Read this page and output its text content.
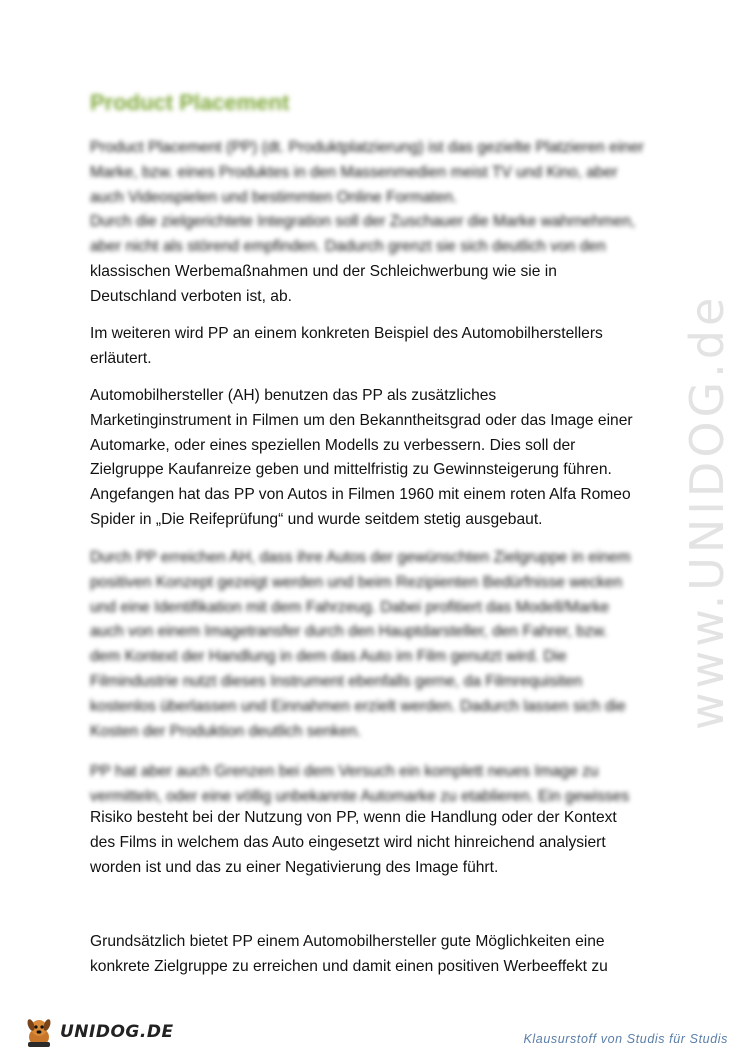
Product Placement

Product Placement (PP) (dt. Produktplatzierung) ist das gezielte Platzieren einer
Marke, bzw. eines Produktes in den Massenmedien meist TV und Kino, aber
auch Videospielen und bestimmten Online Formaten.
Durch die zielgerichtete Integration soll der Zuschauer die Marke wahrnehmen,
aber nicht als störend empfinden. Dadurch grenzt sie sich deutlich von den

klassischen Werbemaßnahmen und der Schleichwerbung wie sie in
Deutschland verboten ist, ab.

Im weiteren wird PP an einem konkreten Beispiel des Automobilherstellers
erläutert.

Automobilhersteller (AH) benutzen das PP als zusätzliches
Marketinginstrument in Filmen um den Bekanntheitsgrad oder das Image einer
Automarke, oder eines speziellen Modells zu verbessern. Dies soll der
Zielgruppe Kaufanreize geben und mittelfristig zu Gewinnsteigerung führen.
Angefangen hat das PP von Autos in Filmen 1960 mit einem roten Alfa Romeo
Spider in „Die Reifeprüfung“ und wurde seitdem stetig ausgebaut.

Durch PP erreichen AH, dass ihre Autos der gewünschten Zielgruppe in einem
positiven Konzept gezeigt werden und beim Rezipienten Bedürfnisse wecken
und eine Identifikation mit dem Fahrzeug. Dabei profitiert das Modell/Marke
auch von einem Imagetransfer durch den Hauptdarsteller, den Fahrer, bzw.
dem Kontext der Handlung in dem das Auto im Film genutzt wird. Die
Filmindustrie nutzt dieses Instrument ebenfalls gerne, da Filmrequisiten
kostenlos überlassen und Einnahmen erzielt werden. Dadurch lassen sich die
Kosten der Produktion deutlich senken.

PP hat aber auch Grenzen bei dem Versuch ein komplett neues Image zu
vermitteln, oder eine völlig unbekannte Automarke zu etablieren. Ein gewisses

Risiko besteht bei der Nutzung von PP, wenn die Handlung oder der Kontext
des Films in welchem das Auto eingesetzt wird nicht hinreichend analysiert
worden ist und das zu einer Negativierung des Image führt.

Grundsätzlich bietet PP einem Automobilhersteller gute Möglichkeiten eine
konkrete Zielgruppe zu erreichen und damit einen positiven Werbeeffekt zu

www.UNIDOG.de
UNIDOG.DE	Klausurstoff von Studis für Studis
